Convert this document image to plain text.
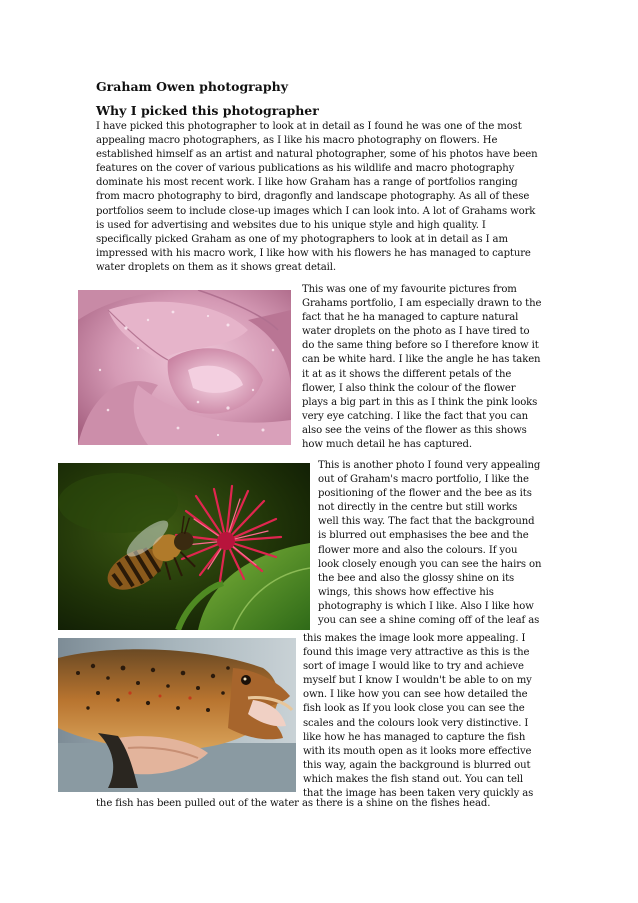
Graham Owen photography
Why I picked this photographer
I have picked this photographer to look at in detail as I found he was one of the most
appealing macro photographers, as I like his macro photography on flowers. He
established himself as an artist and natural photographer, some of his photos have been
features on the cover of various publications as his wildlife and macro photography
dominate his most recent work. I like how Graham has a range of portfolios ranging
from macro photography to bird, dragonfly and landscape photography. As all of these
portfolios seem to include close-up images which I can look into. A lot of Grahams work
is used for advertising and websites due to his unique style and high quality. I
specifically picked Graham as one of my photographers to look at in detail as I am
impressed with his macro work, I like how with his flowers he has managed to capture
water droplets on them as it shows great detail.
This was one of my favourite pictures from
Grahams portfolio, I am especially drawn to the
fact that he ha managed to capture natural
water droplets on the photo as I have tired to
do the same thing before so I therefore know it
can be white hard. I like the angle he has taken
it at as it shows the different petals of the
flower, I also think the colour of the flower
plays a big part in this as I think the pink looks
very eye catching. I like the fact that you can
also see the veins of the flower as this shows
how much detail he has captured.
This is another photo I found very appealing
out of Graham's macro portfolio, I like the
positioning of the flower and the bee as its
not directly in the centre but still works
well this way. The fact that the background
is blurred out emphasises the bee and the
flower more and also the colours. If you
look closely enough you can see the hairs on
the bee and also the glossy shine on its
wings, this shows how effective his
photography is which I like. Also I like how
you can see a shine coming off of the leaf as
this makes the image look more appealing. I
found this image very attractive as this is the
sort of image I would like to try and achieve
myself but I know I wouldn't be able to on my
own. I like how you can see how detailed the
fish look as If you look close you can see the
scales and the colours look very distinctive. I
like how he has managed to capture the fish
with its mouth open as it looks more effective
this way, again the background is blurred out
which makes the fish stand out. You can tell
that the image has been taken very quickly as

the fish has been pulled out of the water as there is a shine on the fishes head.
